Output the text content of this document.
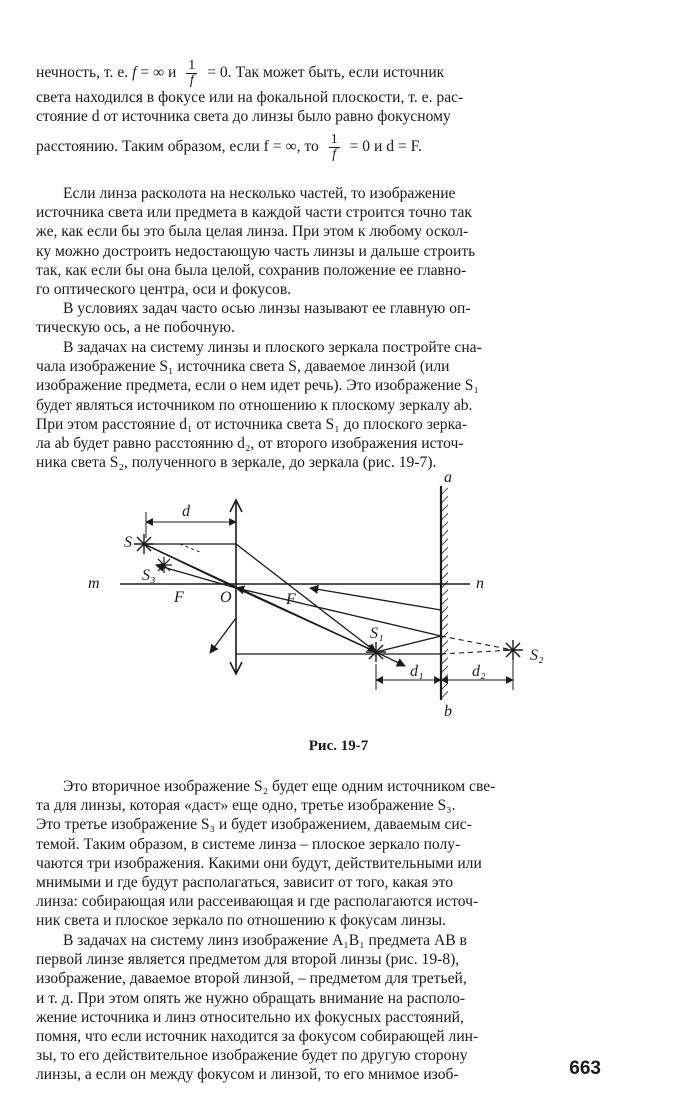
нечность, т. е. f = ∞ и $\frac{1}{f} = 0$. Так может быть, если источник
света находился в фокусе или на фокальной плоскости, т. е. рас-
стояние d от источника света до линзы было равно фокусному
расстоянию. Таким образом, если f = ∞, то $\frac{1}{f} = 0$ и d = F.
Если линза расколота на несколько частей, то изображение
источника света или предмета в каждой части строится точно так
же, как если бы это была целая линза. При этом к любому оскол-
ку можно достроить недостающую часть линзы и дальше строить
так, как если бы она была целой, сохранив положение ее главно-
го оптического центра, оси и фокусов.
В условиях задач часто осью линзы называют ее главную оп-
тическую ось, а не побочную.
В задачах на систему линзы и плоского зеркала постройте сна-
чала изображение S₁ источника света S, даваемое линзой (или
изображение предмета, если о нем идет речь). Это изображение S₁
будет являться источником по отношению к плоскому зеркалу ab.
При этом расстояние d₁ от источника света S₁ до плоского зерка-
ла ab будет равно расстоянию d₂, от второго изображения источ-
ника света S₂, полученного в зеркале, до зеркала (рис. 19-7).
a
b
d
S
S₃
S₁
S₂
m	n
O
F	F
d₁	d₂
Рис. 19-7
Это вторичное изображение S₂ будет еще одним источником све-
та для линзы, которая «даст» еще одно, третье изображение S₃.
Это третье изображение S₃ и будет изображением, даваемым сис-
темой. Таким образом, в системе линза – плоское зеркало полу-
чаются три изображения. Какими они будут, действительными или
мнимыми и где будут располагаться, зависит от того, какая это
линза: собирающая или рассеивающая и где располагаются источ-
ник света и плоское зеркало по отношению к фокусам линзы.
В задачах на систему линз изображение A₁B₁ предмета AB в
первой линзе является предметом для второй линзы (рис. 19-8),
изображение, даваемое второй линзой, – предметом для третьей,
и т. д. При этом опять же нужно обращать внимание на располо-
жение источника и линз относительно их фокусных расстояний,
помня, что если источник находится за фокусом собирающей лин-
зы, то его действительное изображение будет по другую сторону
линзы, а если он между фокусом и линзой, то его мнимое изоб-	663
